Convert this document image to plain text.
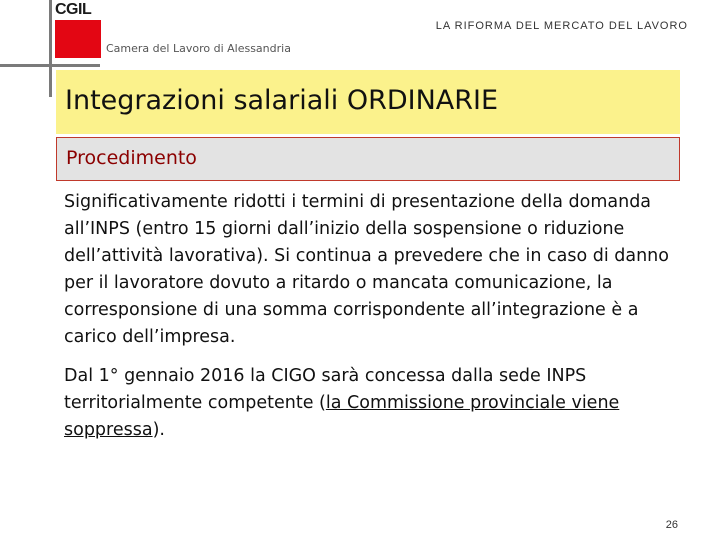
CGIL
LA RIFORMA DEL MERCATO DEL LAVORO
Camera del Lavoro di Alessandria
Integrazioni salariali ORDINARIE
Procedimento

Significativamente ridotti i termini di presentazione della domanda all’INPS (entro 15 giorni dall’inizio della sospensione o riduzione dell’attività lavorativa). Si continua a prevedere che in caso di danno per il lavoratore dovuto a ritardo o mancata comunicazione, la corresponsione di una somma corrispondente all’integrazione è a carico dell’impresa.

Dal 1° gennaio 2016 la CIGO sarà concessa dalla sede INPS territorialmente competente (la Commissione provinciale viene soppressa).

26
